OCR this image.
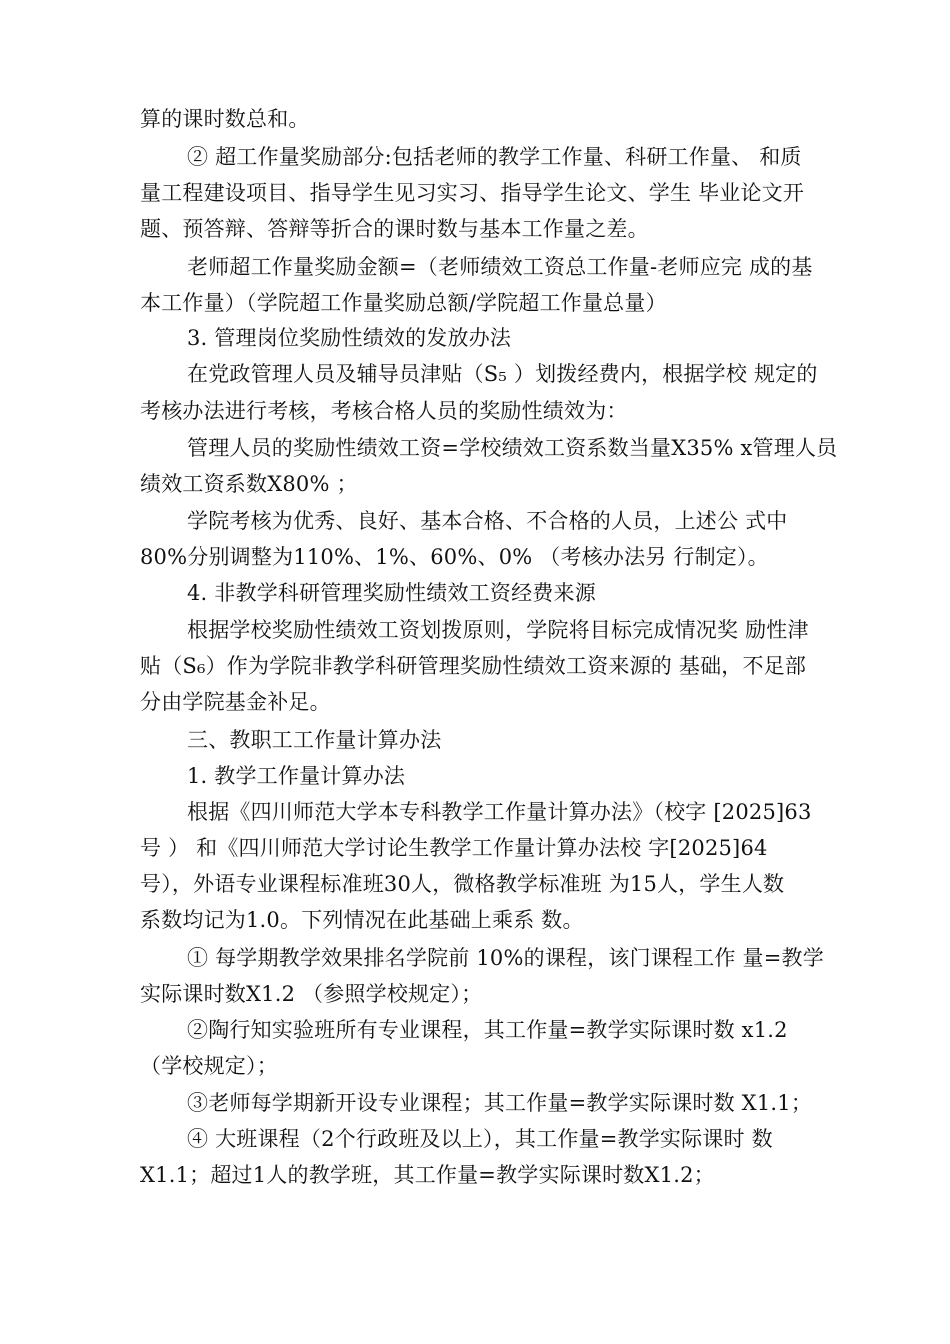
算的课时数总和。
② 超工作量奖励部分:包括老师的教学工作量、科研工作量、 和质
量工程建设项目、指导学生见习实习、指导学生论文、学生 毕业论文开
题、预答辩、答辩等折合的课时数与基本工作量之差。
老师超工作量奖励金额=（老师绩效工资总工作量-老师应完 成的基
本工作量）（学院超工作量奖励总额/学院超工作量总量）
3. 管理岗位奖励性绩效的发放办法
在党政管理人员及辅导员津贴（S₅ ）划拨经费内，根据学校 规定的
考核办法进行考核，考核合格人员的奖励性绩效为：
管理人员的奖励性绩效工资=学校绩效工资系数当量X35% x管理人员
绩效工资系数X80% ；
学院考核为优秀、良好、基本合格、不合格的人员，上述公 式中
80%分别调整为110%、1%、60%、0% （考核办法另 行制定）。
4. 非教学科研管理奖励性绩效工资经费来源
根据学校奖励性绩效工资划拨原则，学院将目标完成情况奖 励性津
贴（S₆）作为学院非教学科研管理奖励性绩效工资来源的 基础，不足部
分由学院基金补足。
三、教职工工作量计算办法
1. 教学工作量计算办法
根据《四川师范大学本专科教学工作量计算办法》（校字 [2025]63
号 ） 和《四川师范大学讨论生教学工作量计算办法校 字[2025]64
号），外语专业课程标准班30人，微格教学标准班 为15人，学生人数
系数均记为1.0。下列情况在此基础上乘系 数。
① 每学期教学效果排名学院前 10%的课程，该门课程工作 量=教学
实际课时数X1.2 （参照学校规定）；
②陶行知实验班所有专业课程，其工作量=教学实际课时数 x1.2
（学校规定）；
③老师每学期新开设专业课程；其工作量=教学实际课时数 X1.1；
④ 大班课程（2个行政班及以上），其工作量=教学实际课时 数
X1.1；超过1人的教学班，其工作量=教学实际课时数X1.2；
